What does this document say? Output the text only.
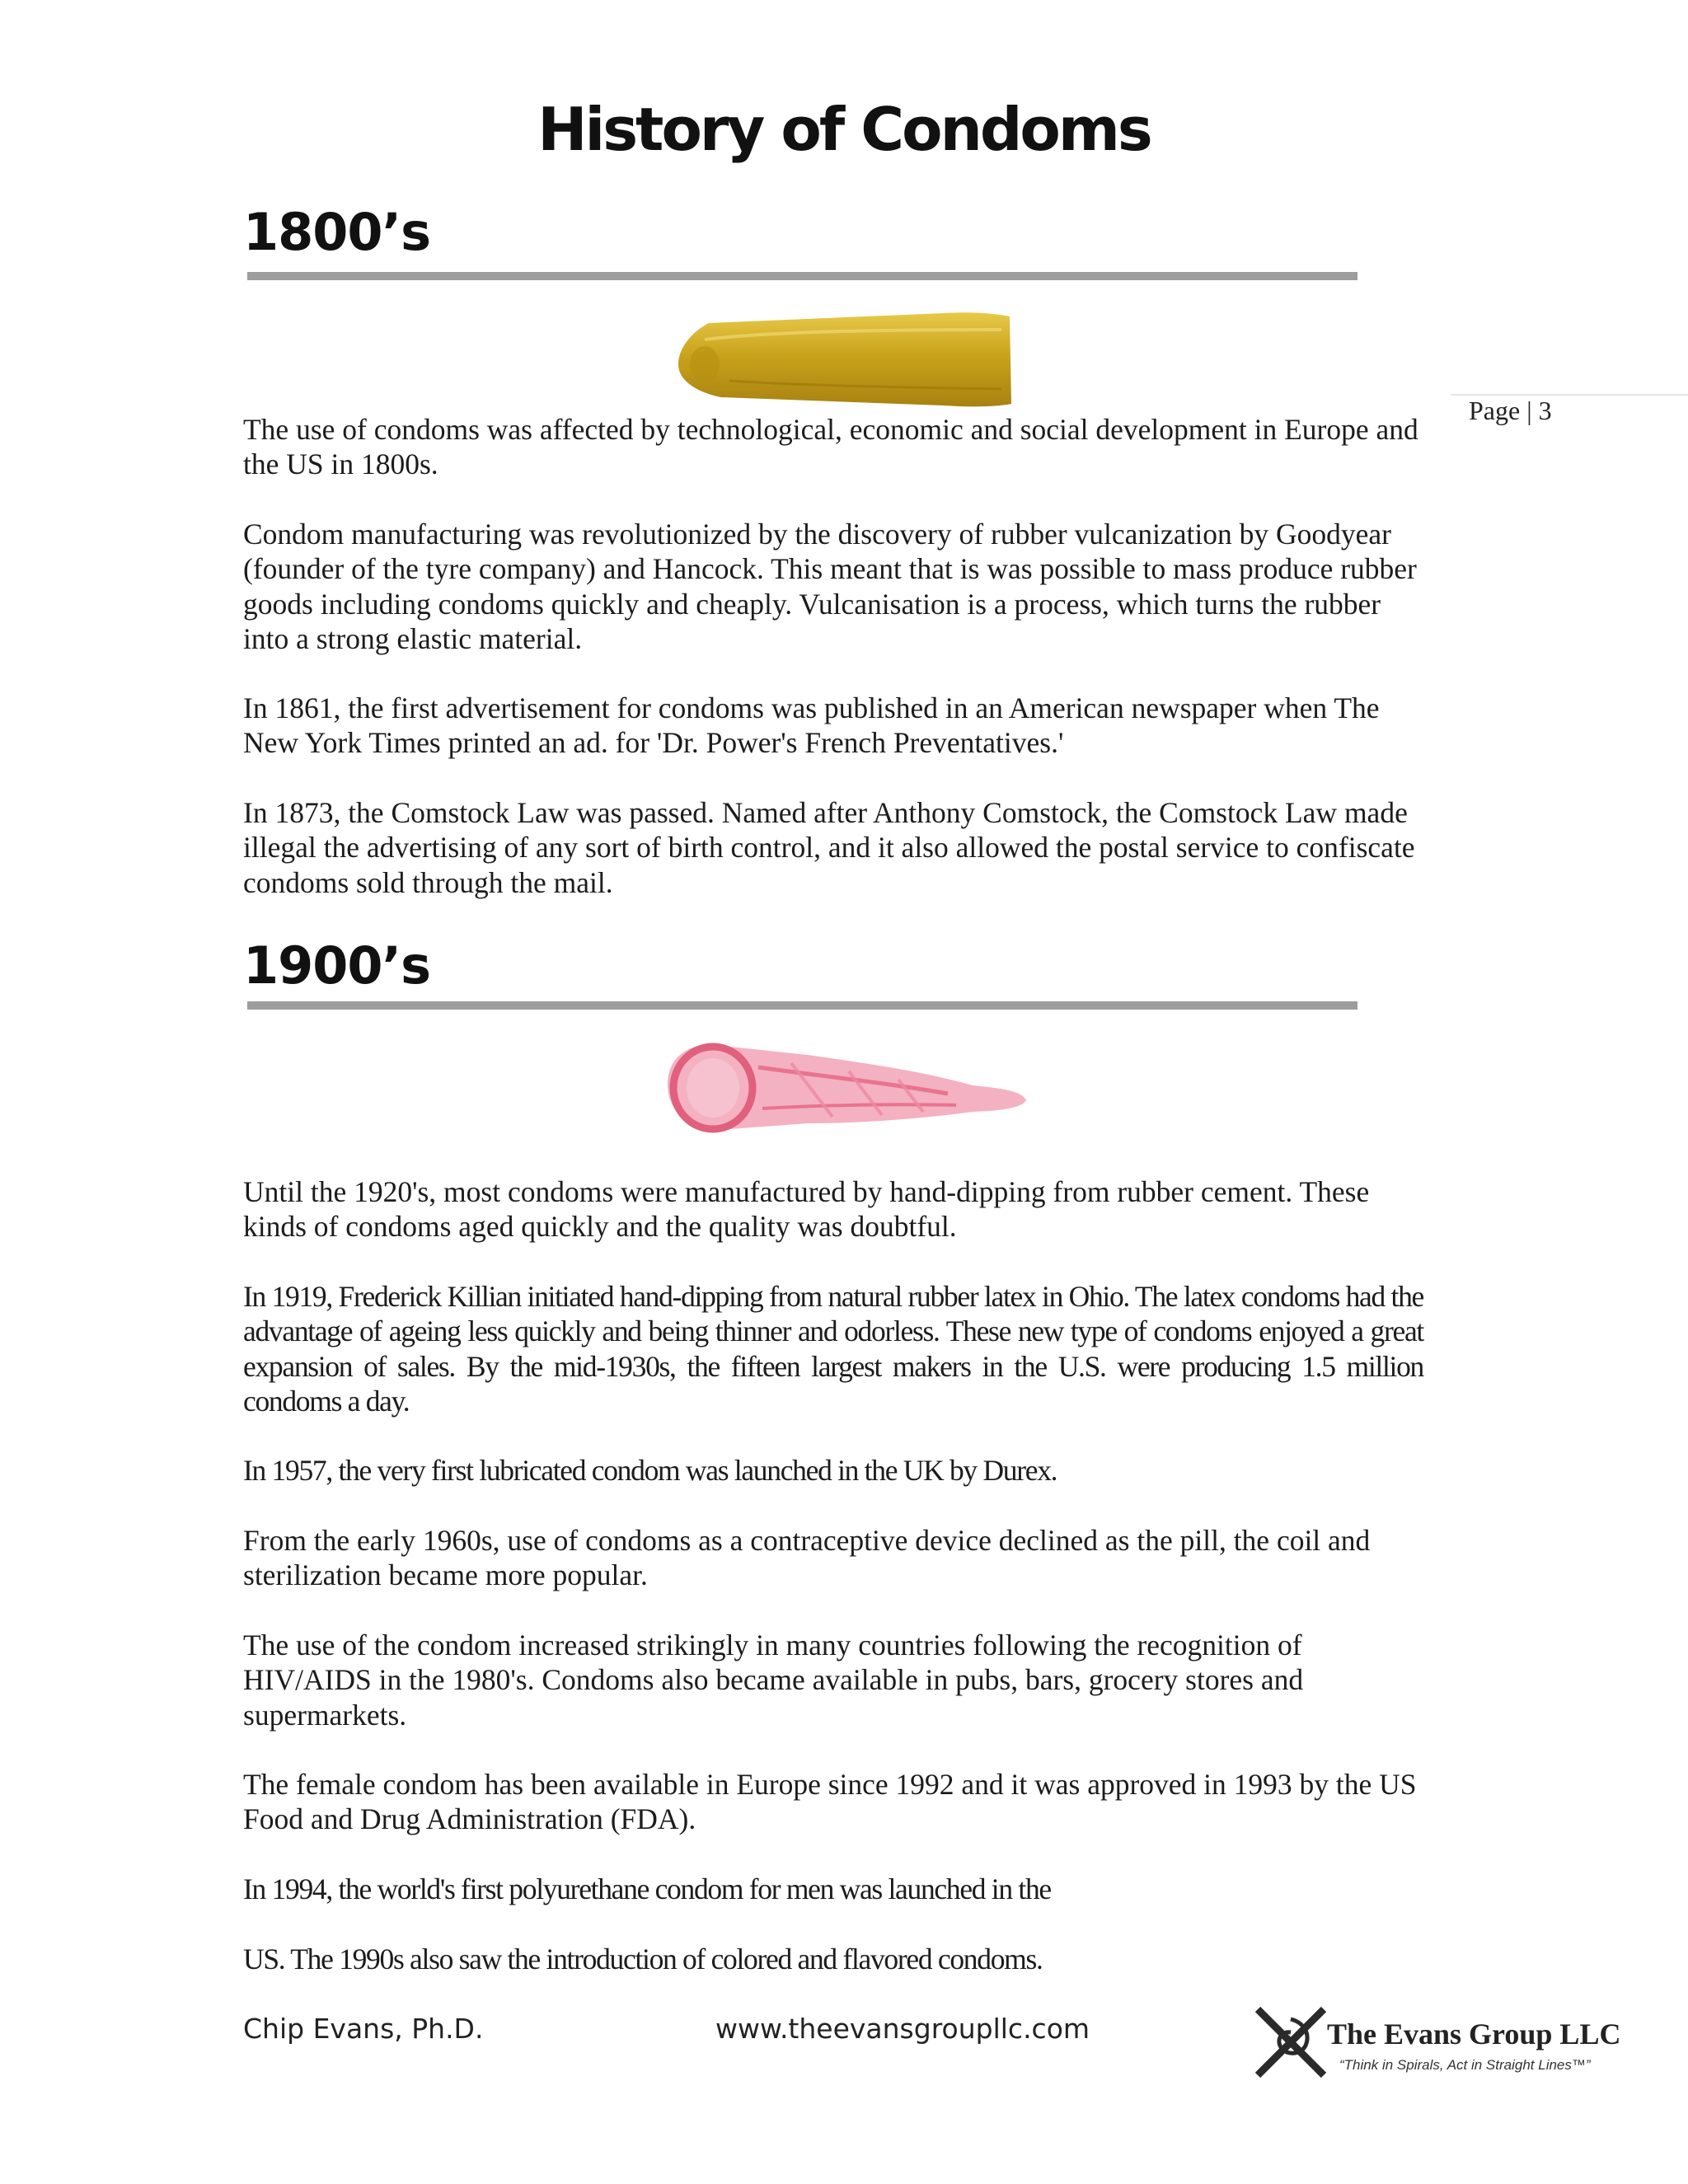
History of Condoms
Page | 3
1800’s
The use of condoms was affected by technological, economic and social development in Europe and the US in 1800s.
Condom manufacturing was revolutionized by the discovery of rubber vulcanization by Goodyear (founder of the tyre company) and Hancock. This meant that is was possible to mass produce rubber goods including condoms quickly and cheaply. Vulcanisation is a process, which turns the rubber into a strong elastic material.
In 1861, the first advertisement for condoms was published in an American newspaper when The New York Times printed an ad. for 'Dr. Power's French Preventatives.'
In 1873, the Comstock Law was passed. Named after Anthony Comstock, the Comstock Law made illegal the advertising of any sort of birth control, and it also allowed the postal service to confiscate condoms sold through the mail.
1900’s
Until the 1920's, most condoms were manufactured by hand-dipping from rubber cement. These kinds of condoms aged quickly and the quality was doubtful.
In 1919, Frederick Killian initiated hand-dipping from natural rubber latex in Ohio. The latex condoms had the advantage of ageing less quickly and being thinner and odorless. These new type of condoms enjoyed a great expansion of sales. By the mid-1930s, the fifteen largest makers in the U.S. were producing 1.5 million condoms a day.
In 1957, the very first lubricated condom was launched in the UK by Durex.
From the early 1960s, use of condoms as a contraceptive device declined as the pill, the coil and sterilization became more popular.
The use of the condom increased strikingly in many countries following the recognition of HIV/AIDS in the 1980's. Condoms also became available in pubs, bars, grocery stores and supermarkets.
The female condom has been available in Europe since 1992 and it was approved in 1993 by the US Food and Drug Administration (FDA).
In 1994, the world's first polyurethane condom for men was launched in the
US. The 1990s also saw the introduction of colored and flavored condoms.
Chip Evans, Ph.D.	www.theevansgroupllc.com	The Evans Group LLC
“Think in Spirals, Act in Straight Lines™”
